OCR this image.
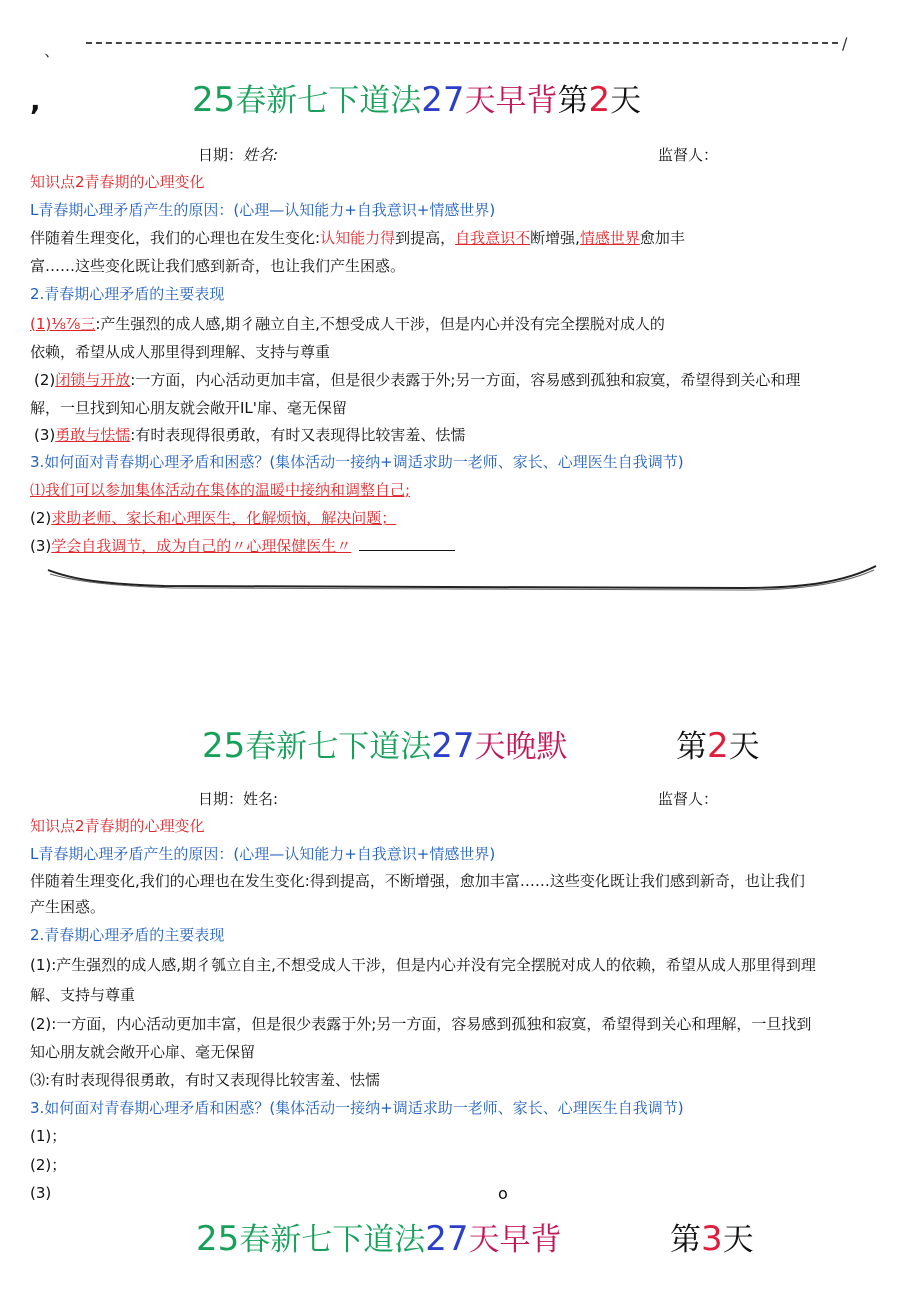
、	/
,	25春新七下道法27天早背第2天
日期：姓名:	监督人：
知识点2青春期的心理变化
L青春期心理矛盾产生的原因：(心理—认知能力+自我意识+情感世界)
伴随着生理变化，我们的心理也在发生变化:认知能力得到提高，自我意识不断增强,情感世界愈加丰
富……这些变化既让我们感到新奇，也让我们产生困惑。
2.青春期心理矛盾的主要表现
(1)⅛⅞三:产生强烈的成人感,期彳融立自主,不想受成人干涉，但是内心并没有完全摆脱对成人的
依赖，希望从成人那里得到理解、支持与尊重
(2)闭锁与开放:一方面，内心活动更加丰富，但是很少表露于外;另一方面，容易感到孤独和寂寞，希望得到关心和理
解，一旦找到知心朋友就会敞开IL'扉、毫无保留
(3)勇敢与怯懦:有时表现得很勇敢，有时又表现得比较害羞、怯懦
3.如何面对青春期心理矛盾和困惑？(集体活动一接纳+调适求助一老师、家长、心理医生自我调节)
⑴我们可以参加集体活动在集体的温暖中接纳和调整自己;
(2)求助老师、家长和心理医生，化解烦恼，解决问题；
(3)学会自我调节，成为自己的〃心理保健医生〃
25春新七下道法27天晚默	第2天
日期：姓名:	监督人：
知识点2青春期的心理变化
L青春期心理矛盾产生的原因：(心理—认知能力+自我意识+情感世界)
伴随着生理变化,我们的心理也在发生变化:得到提高，不断增强，愈加丰富……这些变化既让我们感到新奇，也让我们
产生困惑。
2.青春期心理矛盾的主要表现
(1):产生强烈的成人感,期彳瓠立自主,不想受成人干涉，但是内心并没有完全摆脱对成人的依赖，希望从成人那里得到理
解、支持与尊重
(2):一方面，内心活动更加丰富，但是很少表露于外;另一方面，容易感到孤独和寂寞，希望得到关心和理解，一旦找到
知心朋友就会敞开心扉、毫无保留
⑶:有时表现得很勇敢，有时又表现得比较害羞、怯懦
3.如何面对青春期心理矛盾和困惑？(集体活动一接纳+调适求助一老师、家长、心理医生自我调节)
(1)；
(2)；
(3)	o
25春新七下道法27天早背	第3天
